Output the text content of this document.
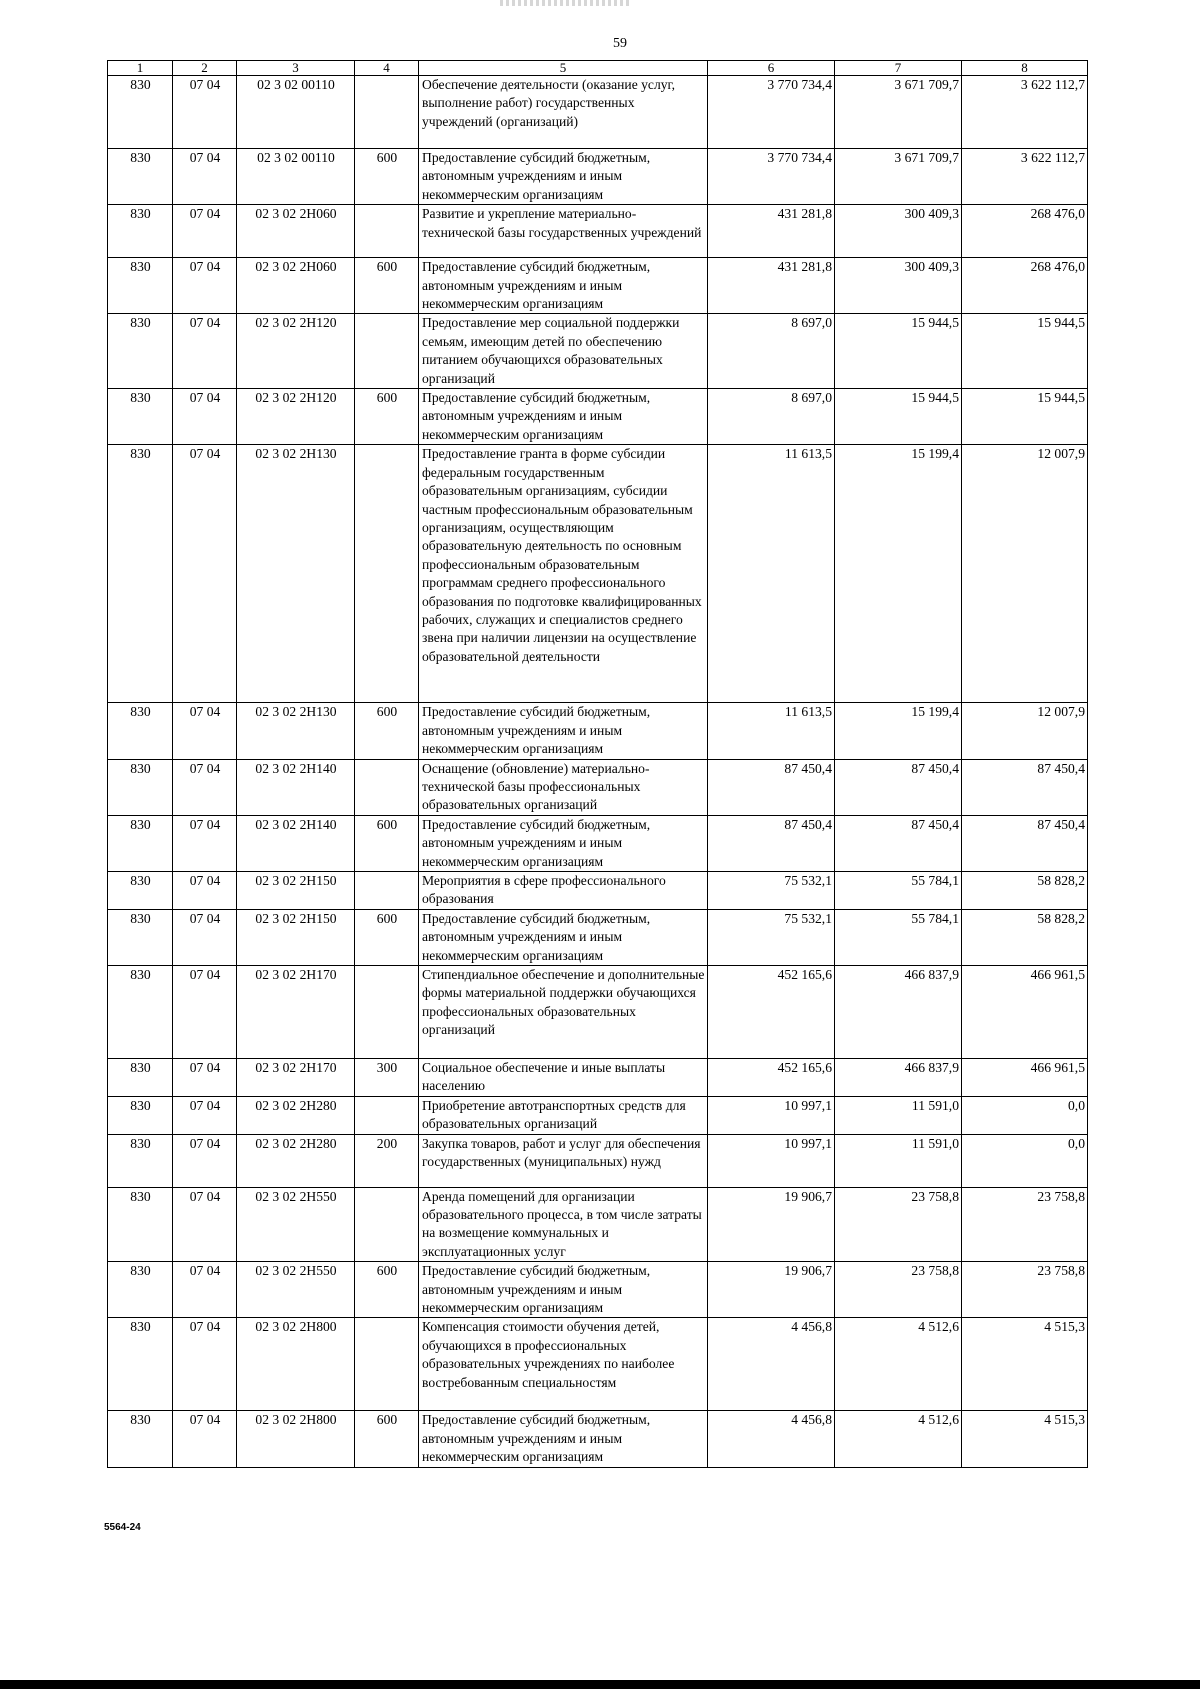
59
1	2	3	4	5	6	7	8
830	07 04	02 3 02 00110		Обеспечение деятельности (оказание услуг, выполнение работ) государственных учреждений (организаций)	3 770 734,4	3 671 709,7	3 622 112,7
830	07 04	02 3 02 00110	600	Предоставление субсидий бюджетным, автономным учреждениям и иным некоммерческим организациям	3 770 734,4	3 671 709,7	3 622 112,7
830	07 04	02 3 02 2Н060		Развитие и укрепление материально-технической базы государственных учреждений	431 281,8	300 409,3	268 476,0
830	07 04	02 3 02 2Н060	600	Предоставление субсидий бюджетным, автономным учреждениям и иным некоммерческим организациям	431 281,8	300 409,3	268 476,0
830	07 04	02 3 02 2Н120		Предоставление мер социальной поддержки семьям, имеющим детей по обеспечению питанием обучающихся образовательных организаций	8 697,0	15 944,5	15 944,5
830	07 04	02 3 02 2Н120	600	Предоставление субсидий бюджетным, автономным учреждениям и иным некоммерческим организациям	8 697,0	15 944,5	15 944,5
830	07 04	02 3 02 2Н130		Предоставление гранта в форме субсидии федеральным государственным образовательным организациям, субсидии частным профессиональным образовательным организациям, осуществляющим образовательную деятельность по основным профессиональным образовательным программам среднего профессионального образования по подготовке квалифицированных рабочих, служащих и специалистов среднего звена при наличии лицензии на осуществление образовательной деятельности	11 613,5	15 199,4	12 007,9
830	07 04	02 3 02 2Н130	600	Предоставление субсидий бюджетным, автономным учреждениям и иным некоммерческим организациям	11 613,5	15 199,4	12 007,9
830	07 04	02 3 02 2Н140		Оснащение (обновление) материально-технической базы профессиональных образовательных организаций	87 450,4	87 450,4	87 450,4
830	07 04	02 3 02 2Н140	600	Предоставление субсидий бюджетным, автономным учреждениям и иным некоммерческим организациям	87 450,4	87 450,4	87 450,4
830	07 04	02 3 02 2Н150		Мероприятия в сфере профессионального образования	75 532,1	55 784,1	58 828,2
830	07 04	02 3 02 2Н150	600	Предоставление субсидий бюджетным, автономным учреждениям и иным некоммерческим организациям	75 532,1	55 784,1	58 828,2
830	07 04	02 3 02 2Н170		Стипендиальное обеспечение и дополнительные формы материальной поддержки обучающихся профессиональных образовательных организаций	452 165,6	466 837,9	466 961,5
830	07 04	02 3 02 2Н170	300	Социальное обеспечение и иные выплаты населению	452 165,6	466 837,9	466 961,5
830	07 04	02 3 02 2Н280		Приобретение автотранспортных средств для образовательных организаций	10 997,1	11 591,0	0,0
830	07 04	02 3 02 2Н280	200	Закупка товаров, работ и услуг для обеспечения государственных (муниципальных) нужд	10 997,1	11 591,0	0,0
830	07 04	02 3 02 2Н550		Аренда помещений для организации образовательного процесса, в том числе затраты на возмещение коммунальных и эксплуатационных услуг	19 906,7	23 758,8	23 758,8
830	07 04	02 3 02 2Н550	600	Предоставление субсидий бюджетным, автономным учреждениям и иным некоммерческим организациям	19 906,7	23 758,8	23 758,8
830	07 04	02 3 02 2Н800		Компенсация стоимости обучения детей, обучающихся в профессиональных образовательных учреждениях по наиболее востребованным специальностям	4 456,8	4 512,6	4 515,3
830	07 04	02 3 02 2Н800	600	Предоставление субсидий бюджетным, автономным учреждениям и иным некоммерческим организациям	4 456,8	4 512,6	4 515,3
5564-24
